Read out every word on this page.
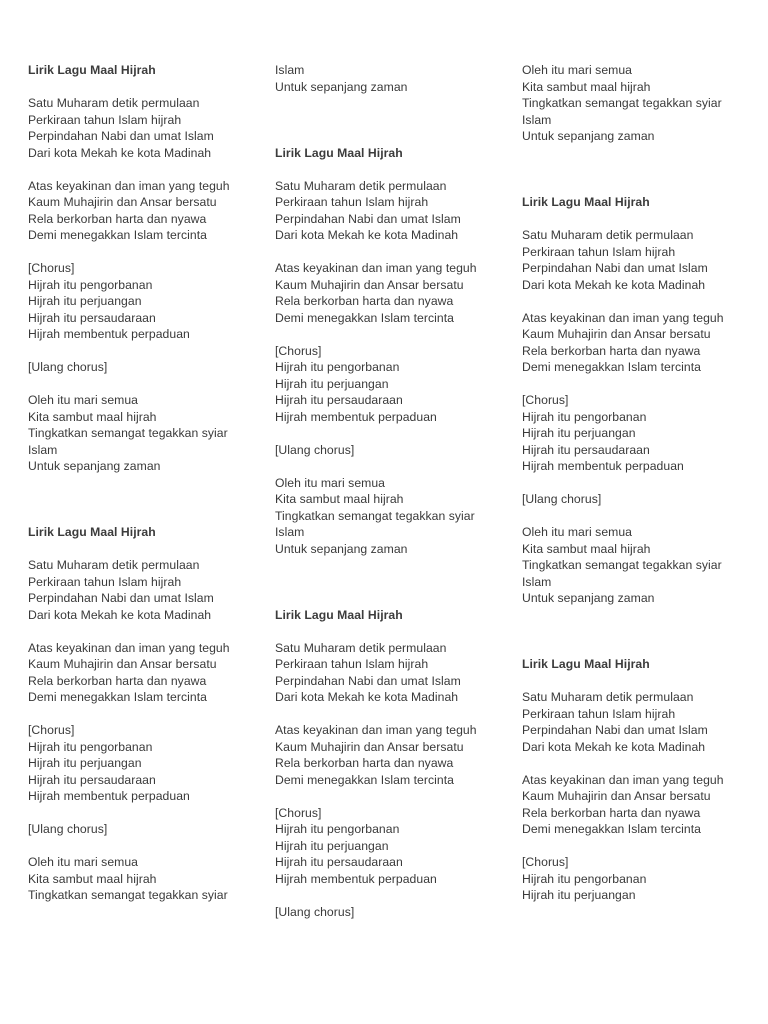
Lirik Lagu Maal Hijrah
Satu Muharam detik permulaan
Perkiraan tahun Islam hijrah
Perpindahan Nabi dan umat Islam
Dari kota Mekah ke kota Madinah
Atas keyakinan dan iman yang teguh
Kaum Muhajirin dan Ansar bersatu
Rela berkorban harta dan nyawa
Demi menegakkan Islam tercinta
[Chorus]
Hijrah itu pengorbanan
Hijrah itu perjuangan
Hijrah itu persaudaraan
Hijrah membentuk perpaduan
[Ulang chorus]
Oleh itu mari semua
Kita sambut maal hijrah
Tingkatkan semangat tegakkan syiar
Islam
Untuk sepanjang zaman
Lirik Lagu Maal Hijrah
Satu Muharam detik permulaan
Perkiraan tahun Islam hijrah
Perpindahan Nabi dan umat Islam
Dari kota Mekah ke kota Madinah
Atas keyakinan dan iman yang teguh
Kaum Muhajirin dan Ansar bersatu
Rela berkorban harta dan nyawa
Demi menegakkan Islam tercinta
[Chorus]
Hijrah itu pengorbanan
Hijrah itu perjuangan
Hijrah itu persaudaraan
Hijrah membentuk perpaduan
[Ulang chorus]
Oleh itu mari semua
Kita sambut maal hijrah
Tingkatkan semangat tegakkan syiar
Islam
Untuk sepanjang zaman
Lirik Lagu Maal Hijrah
Satu Muharam detik permulaan
Perkiraan tahun Islam hijrah
Perpindahan Nabi dan umat Islam
Dari kota Mekah ke kota Madinah
Atas keyakinan dan iman yang teguh
Kaum Muhajirin dan Ansar bersatu
Rela berkorban harta dan nyawa
Demi menegakkan Islam tercinta
[Chorus]
Hijrah itu pengorbanan
Hijrah itu perjuangan
Hijrah itu persaudaraan
Hijrah membentuk perpaduan
[Ulang chorus]
Oleh itu mari semua
Kita sambut maal hijrah
Tingkatkan semangat tegakkan syiar
Islam
Untuk sepanjang zaman
Lirik Lagu Maal Hijrah
Satu Muharam detik permulaan
Perkiraan tahun Islam hijrah
Perpindahan Nabi dan umat Islam
Dari kota Mekah ke kota Madinah
Atas keyakinan dan iman yang teguh
Kaum Muhajirin dan Ansar bersatu
Rela berkorban harta dan nyawa
Demi menegakkan Islam tercinta
[Chorus]
Hijrah itu pengorbanan
Hijrah itu perjuangan
Hijrah itu persaudaraan
Hijrah membentuk perpaduan
[Ulang chorus]
Oleh itu mari semua
Kita sambut maal hijrah
Tingkatkan semangat tegakkan syiar
Islam
Untuk sepanjang zaman
Lirik Lagu Maal Hijrah
Satu Muharam detik permulaan
Perkiraan tahun Islam hijrah
Perpindahan Nabi dan umat Islam
Dari kota Mekah ke kota Madinah
Atas keyakinan dan iman yang teguh
Kaum Muhajirin dan Ansar bersatu
Rela berkorban harta dan nyawa
Demi menegakkan Islam tercinta
[Chorus]
Hijrah itu pengorbanan
Hijrah itu perjuangan
Hijrah itu persaudaraan
Hijrah membentuk perpaduan
[Ulang chorus]
Oleh itu mari semua
Kita sambut maal hijrah
Tingkatkan semangat tegakkan syiar
Islam
Untuk sepanjang zaman
Lirik Lagu Maal Hijrah
Satu Muharam detik permulaan
Perkiraan tahun Islam hijrah
Perpindahan Nabi dan umat Islam
Dari kota Mekah ke kota Madinah
Atas keyakinan dan iman yang teguh
Kaum Muhajirin dan Ansar bersatu
Rela berkorban harta dan nyawa
Demi menegakkan Islam tercinta
[Chorus]
Hijrah itu pengorbanan
Hijrah itu perjuangan
